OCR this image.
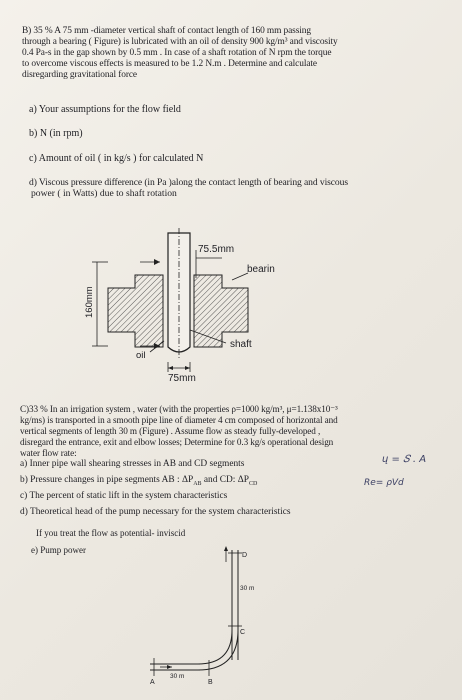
B) 35 % A 75 mm -diameter vertical shaft of contact length of 160 mm passing
through a bearing ( Figure) is lubricated with an oil of density 900 kg/m³ and viscosity
0.4 Pa-s in the gap shown by 0.5 mm . In case of a shaft rotation of N rpm the torque
to overcome viscous effects is measured to be 1.2 N.m . Determine and calculate
disregarding gravitational force
a) Your assumptions for the flow field
b) N (in rpm)
c) Amount of oil ( in kg/s ) for calculated N
d) Viscous pressure difference (in Pa )along the contact length of bearing and viscous
power ( in Watts) due to shaft rotation
75.5mm
bearin
160mm
shaft
oil
75mm
C)33 % In an irrigation system , water (with the properties ρ=1000 kg/m³, μ=1.138x10⁻³
kg/ms) is transported in a smooth pipe line of diameter 4 cm composed of horizontal and
vertical segments of length 30 m (Figure) . Assume flow as steady fully-developed ,
disregard the entrance, exit and elbow losses; Determine for 0.3 kg/s operational design
water flow rate:
a) Inner pipe wall shearing stresses in AB and CD segments
b) Pressure changes in pipe segments AB : $\Delta P_{AB}$ and CD: $\Delta P_{CD}$
c) The percent of static lift in the system characteristics
d) Theoretical head of the pump necessary for the system characteristics
If you treat the flow as potential- inviscid
e) Pump power
ų = 𝑆 . A
Re= ρVd
A	B
C
D
30 m
30 m
